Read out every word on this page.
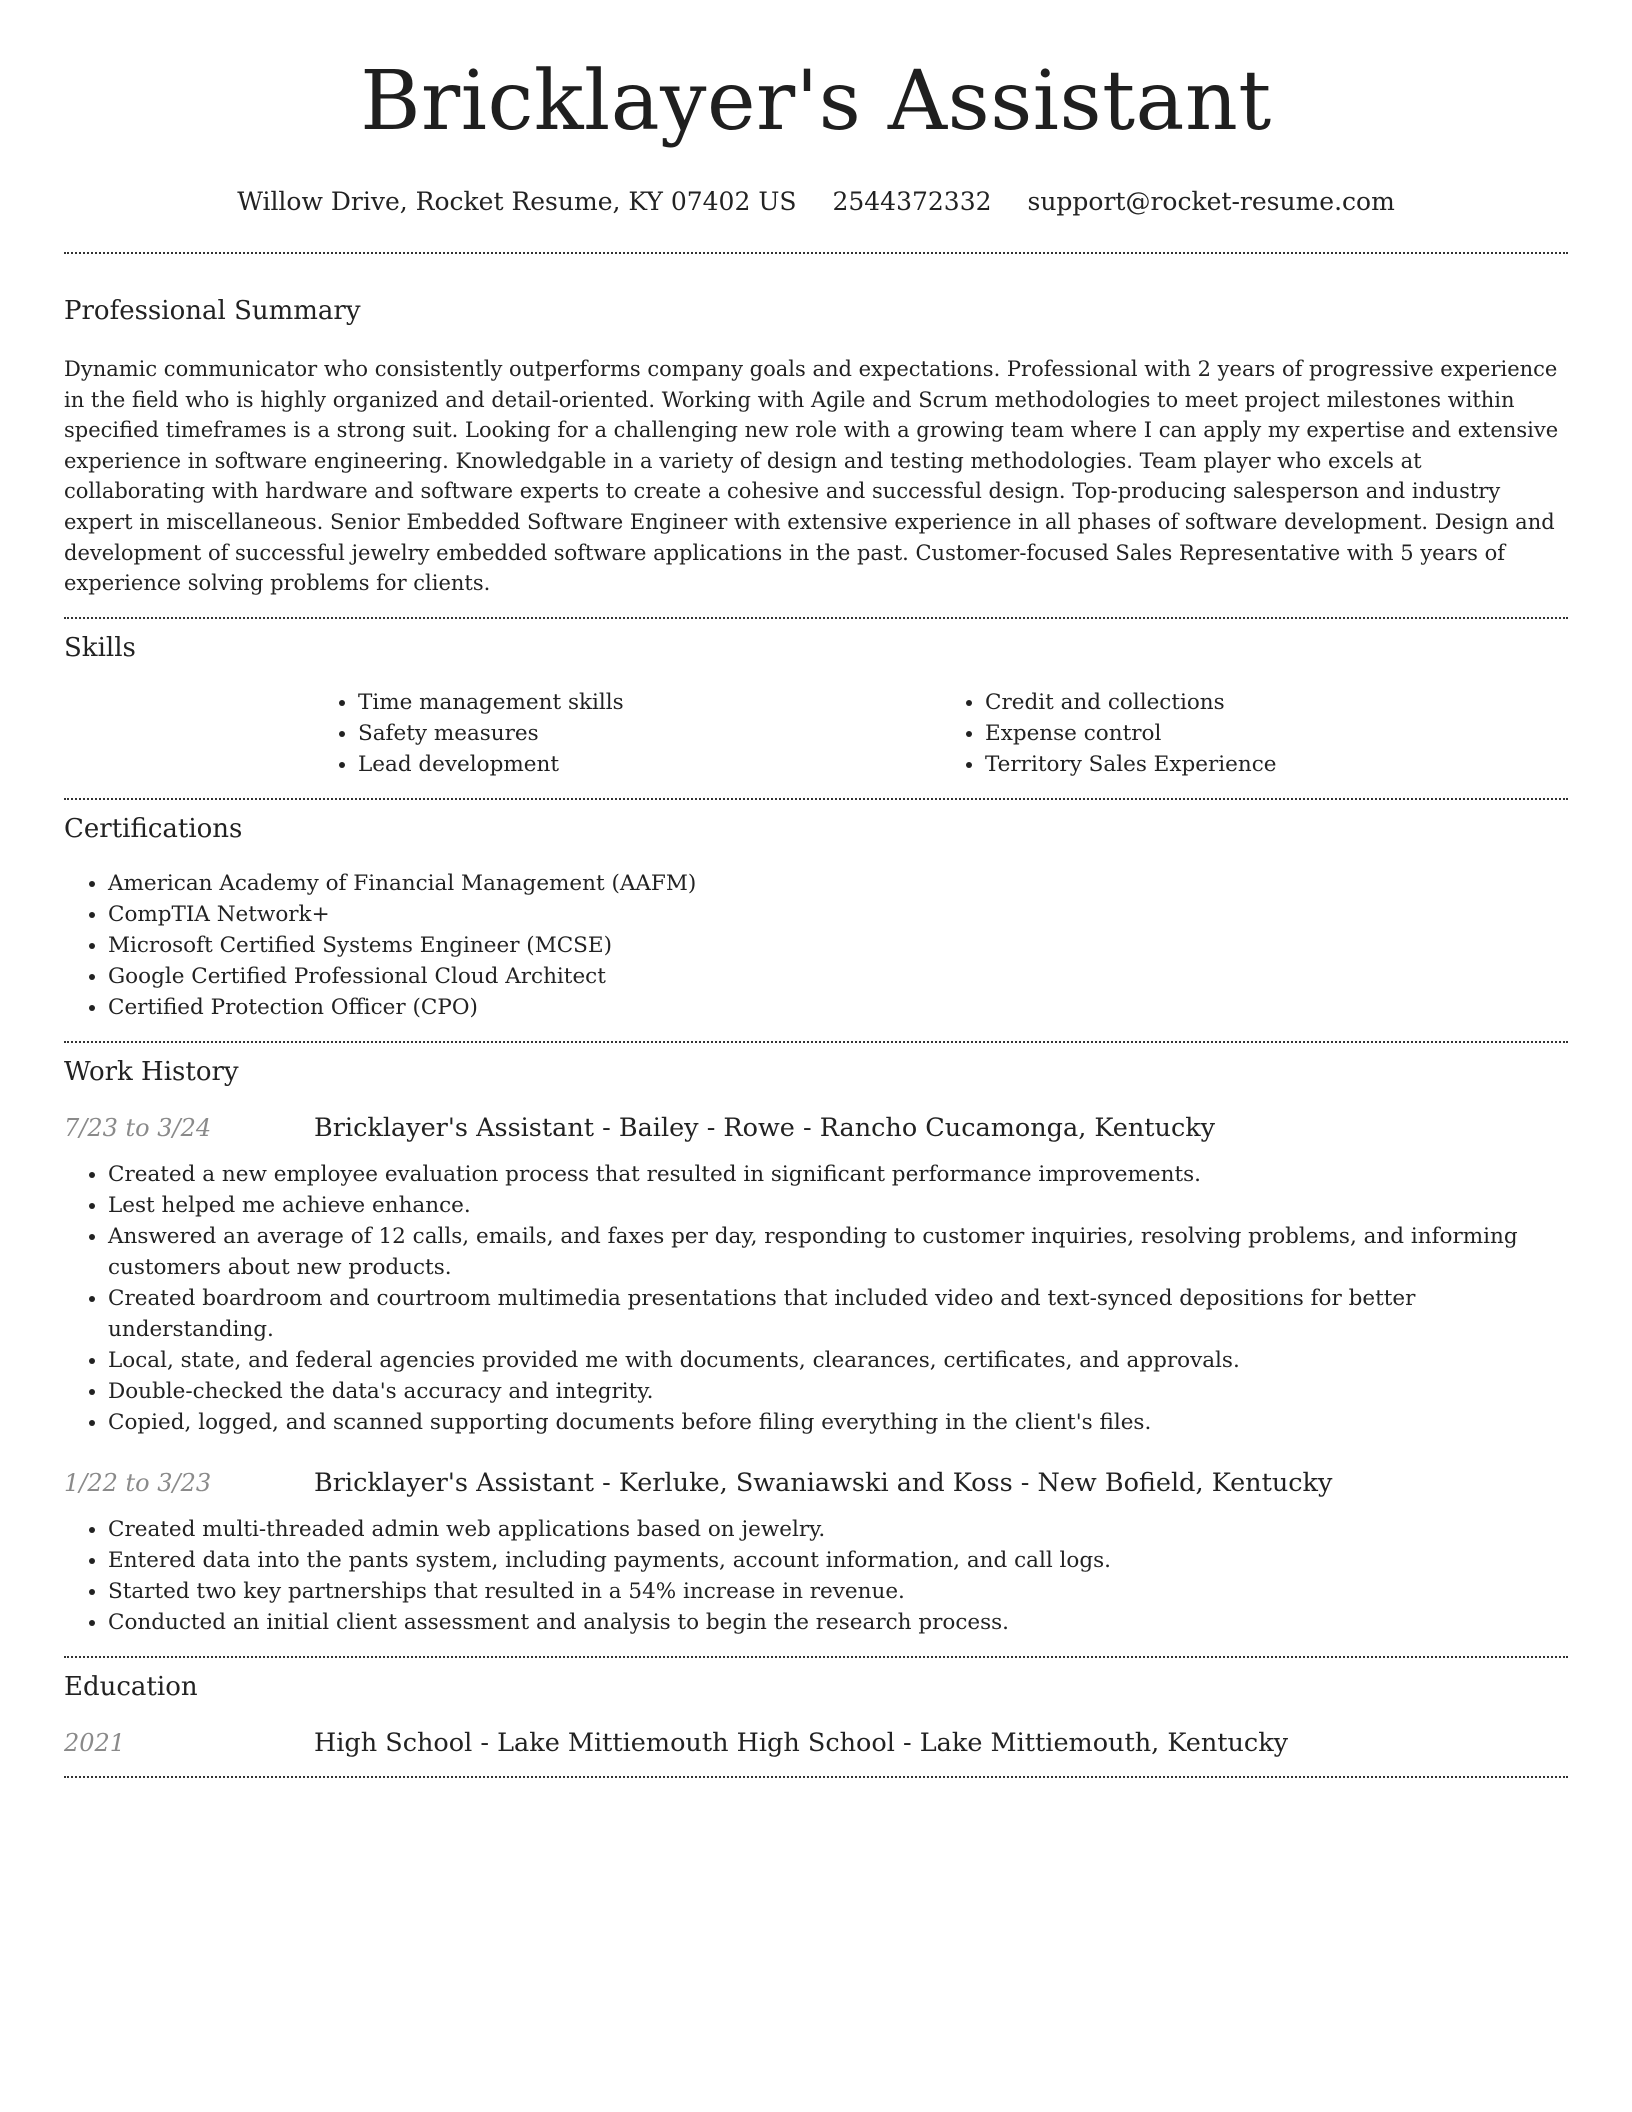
Bricklayer's Assistant
Willow Drive, Rocket Resume, KY 07402 US 2544372332 support@rocket-resume.com
Professional Summary

Dynamic communicator who consistently outperforms company goals and expectations. Professional with 2 years of progressive experience in the field who is highly organized and detail-oriented. Working with Agile and Scrum methodologies to meet project milestones within specified timeframes is a strong suit. Looking for a challenging new role with a growing team where I can apply my expertise and extensive experience in software engineering. Knowledgable in a variety of design and testing methodologies. Team player who excels at collaborating with hardware and software experts to create a cohesive and successful design. Top-producing salesperson and industry expert in miscellaneous. Senior Embedded Software Engineer with extensive experience in all phases of software development. Design and development of successful jewelry embedded software applications in the past. Customer-focused Sales Representative with 5 years of experience solving problems for clients.

Skills
• Time management skills
• Safety measures
• Lead development
• Credit and collections
• Expense control
• Territory Sales Experience
Certifications
• American Academy of Financial Management (AAFM)
• CompTIA Network+
• Microsoft Certified Systems Engineer (MCSE)
• Google Certified Professional Cloud Architect
• Certified Protection Officer (CPO)
Work History
7/23 to 3/24	Bricklayer's Assistant - Bailey - Rowe - Rancho Cucamonga, Kentucky
• Created a new employee evaluation process that resulted in significant performance improvements.
• Lest helped me achieve enhance.
• Answered an average of 12 calls, emails, and faxes per day, responding to customer inquiries, resolving problems, and informing customers about new products.
• Created boardroom and courtroom multimedia presentations that included video and text-synced depositions for better understanding.
• Local, state, and federal agencies provided me with documents, clearances, certificates, and approvals.
• Double-checked the data's accuracy and integrity.
• Copied, logged, and scanned supporting documents before filing everything in the client's files.
1/22 to 3/23	Bricklayer's Assistant - Kerluke, Swaniawski and Koss - New Bofield, Kentucky
• Created multi-threaded admin web applications based on jewelry.
• Entered data into the pants system, including payments, account information, and call logs.
• Started two key partnerships that resulted in a 54% increase in revenue.
• Conducted an initial client assessment and analysis to begin the research process.
Education
2021	High School - Lake Mittiemouth High School - Lake Mittiemouth, Kentucky
